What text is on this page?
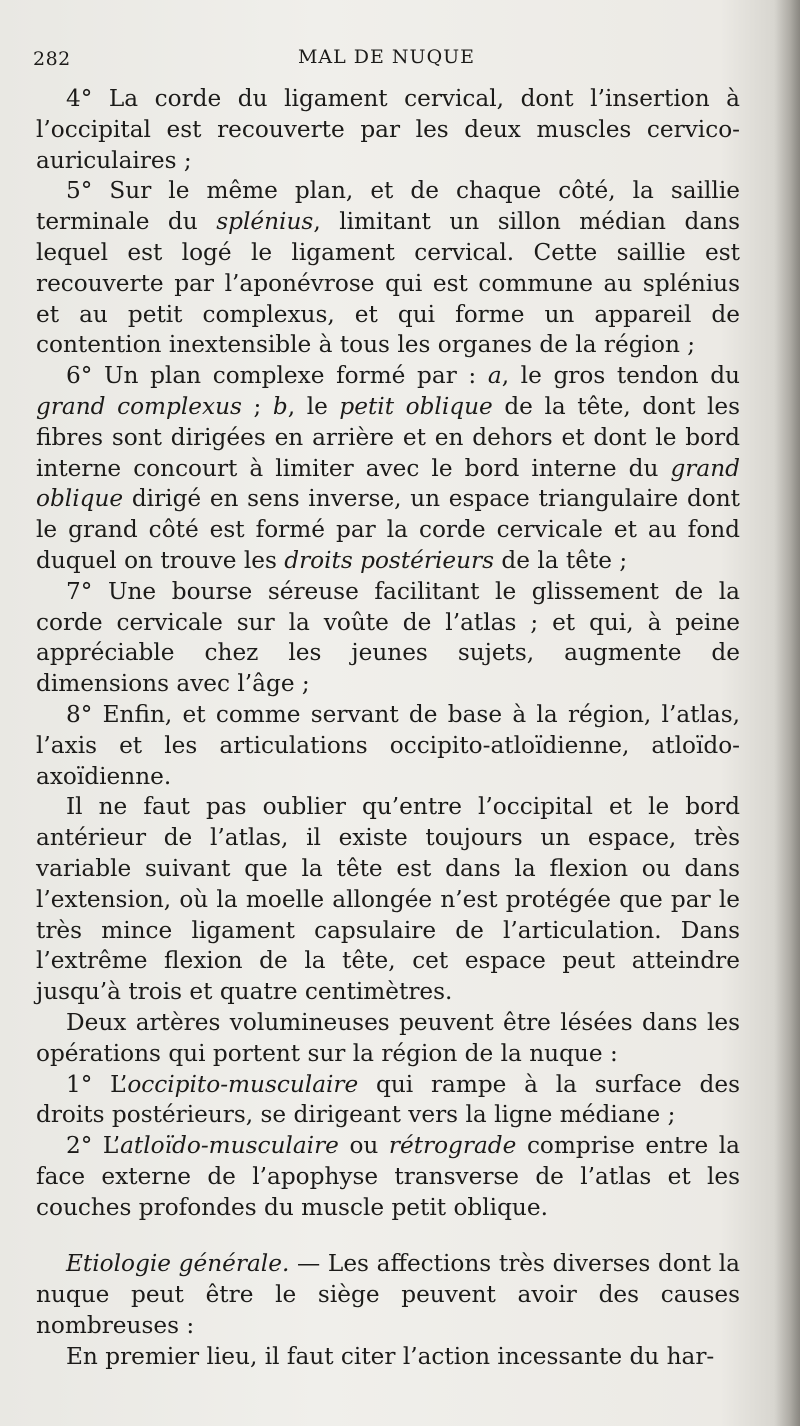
282	MAL DE NUQUE

4° La corde du ligament cervical, dont l’insertion à l’occipital est recouverte par les deux muscles cervico-auriculaires ;

5° Sur le même plan, et de chaque côté, la saillie terminale du splénius, limitant un sillon médian dans lequel est logé le ligament cervical. Cette saillie est recouverte par l’aponévrose qui est commune au splénius et au petit complexus, et qui forme un appareil de contention inextensible à tous les organes de la région ;

6° Un plan complexe formé par : a, le gros tendon du grand complexus ; b, le petit oblique de la tête, dont les fibres sont dirigées en arrière et en dehors et dont le bord interne concourt à limiter avec le bord interne du grand oblique dirigé en sens inverse, un espace triangulaire dont le grand côté est formé par la corde cervicale et au fond duquel on trouve les droits postérieurs de la tête ;

7° Une bourse séreuse facilitant le glissement de la corde cervicale sur la voûte de l’atlas ; et qui, à peine appréciable chez les jeunes sujets, augmente de dimensions avec l’âge ;

8° Enfin, et comme servant de base à la région, l’atlas, l’axis et les articulations occipito-atloïdienne, atloïdo-axoïdienne.

Il ne faut pas oublier qu’entre l’occipital et le bord antérieur de l’atlas, il existe toujours un espace, très variable suivant que la tête est dans la flexion ou dans l’extension, où la moelle allongée n’est protégée que par le très mince ligament capsulaire de l’articulation. Dans l’extrême flexion de la tête, cet espace peut atteindre jusqu’à trois et quatre centimètres.

Deux artères volumineuses peuvent être lésées dans les opérations qui portent sur la région de la nuque :

1° L’occipito-musculaire qui rampe à la surface des droits postérieurs, se dirigeant vers la ligne médiane ;

2° L’atloïdo-musculaire ou rétrograde comprise entre la face externe de l’apophyse transverse de l’atlas et les couches profondes du muscle petit oblique.

Etiologie générale. — Les affections très diverses dont la nuque peut être le siège peuvent avoir des causes nombreuses :

En premier lieu, il faut citer l’action incessante du har-
